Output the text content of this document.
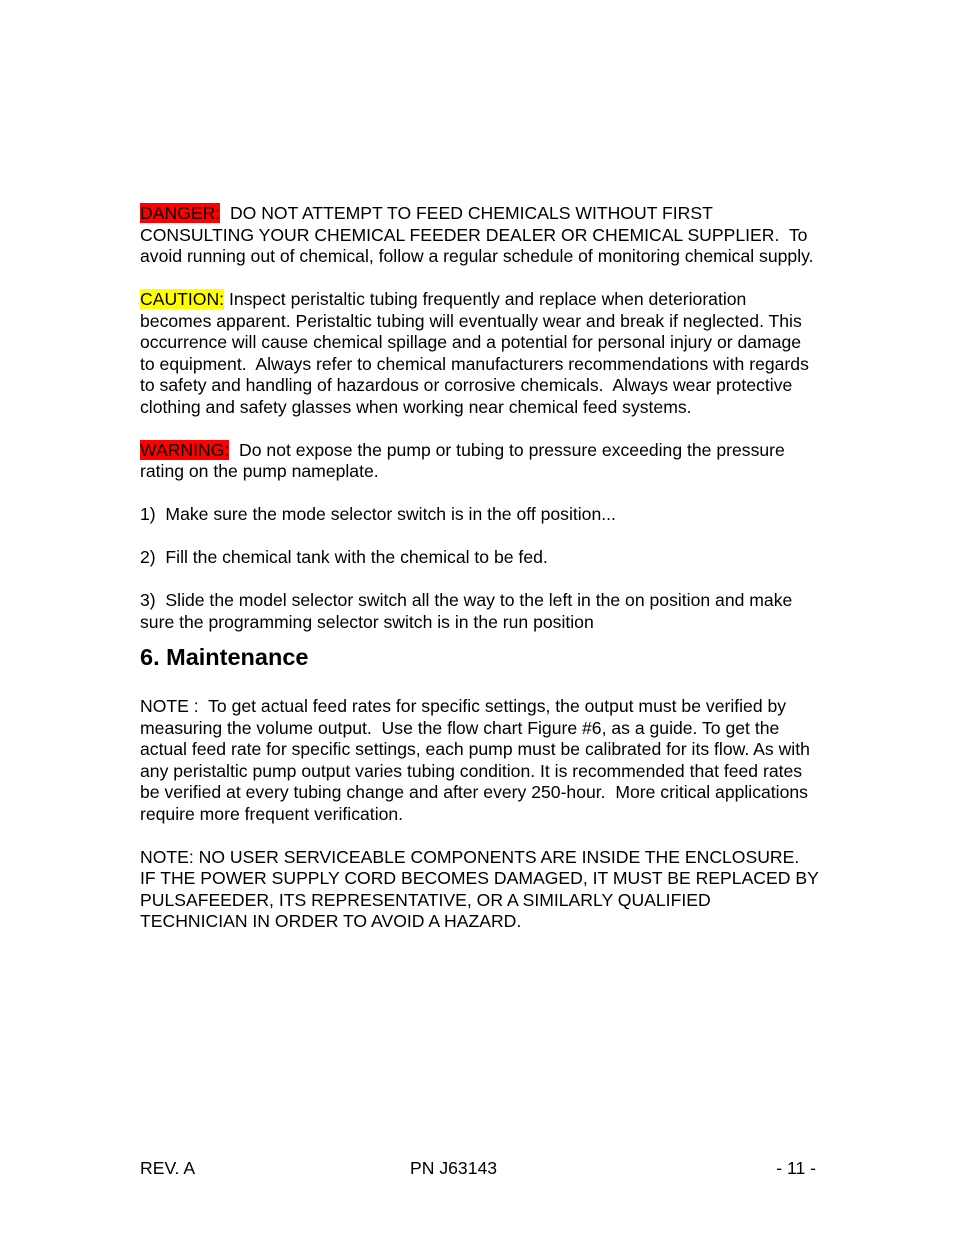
DANGER:  DO NOT ATTEMPT TO FEED CHEMICALS WITHOUT FIRST CONSULTING YOUR CHEMICAL FEEDER DEALER OR CHEMICAL SUPPLIER.  To avoid running out of chemical, follow a regular schedule of monitoring chemical supply.

CAUTION: Inspect peristaltic tubing frequently and replace when deterioration becomes apparent. Peristaltic tubing will eventually wear and break if neglected. This occurrence will cause chemical spillage and a potential for personal injury or damage to equipment.  Always refer to chemical manufacturers recommendations with regards to safety and handling of hazardous or corrosive chemicals.  Always wear protective clothing and safety glasses when working near chemical feed systems.

WARNING:  Do not expose the pump or tubing to pressure exceeding the pressure rating on the pump nameplate.

1)  Make sure the mode selector switch is in the off position...

2)  Fill the chemical tank with the chemical to be fed.

3)  Slide the model selector switch all the way to the left in the on position and make sure the programming selector switch is in the run position

6. Maintenance

NOTE :  To get actual feed rates for specific settings, the output must be verified by measuring the volume output.  Use the flow chart Figure #6, as a guide. To get the actual feed rate for specific settings, each pump must be calibrated for its flow. As with any peristaltic pump output varies tubing condition. It is recommended that feed rates be verified at every tubing change and after every 250-hour.  More critical applications require more frequent verification.

NOTE: NO USER SERVICEABLE COMPONENTS ARE INSIDE THE ENCLOSURE.  IF THE POWER SUPPLY CORD BECOMES DAMAGED, IT MUST BE REPLACED BY PULSAFEEDER, ITS REPRESENTATIVE, OR A SIMILARLY QUALIFIED TECHNICIAN IN ORDER TO AVOID A HAZARD.

REV. A	PN J63143	- 11 -
